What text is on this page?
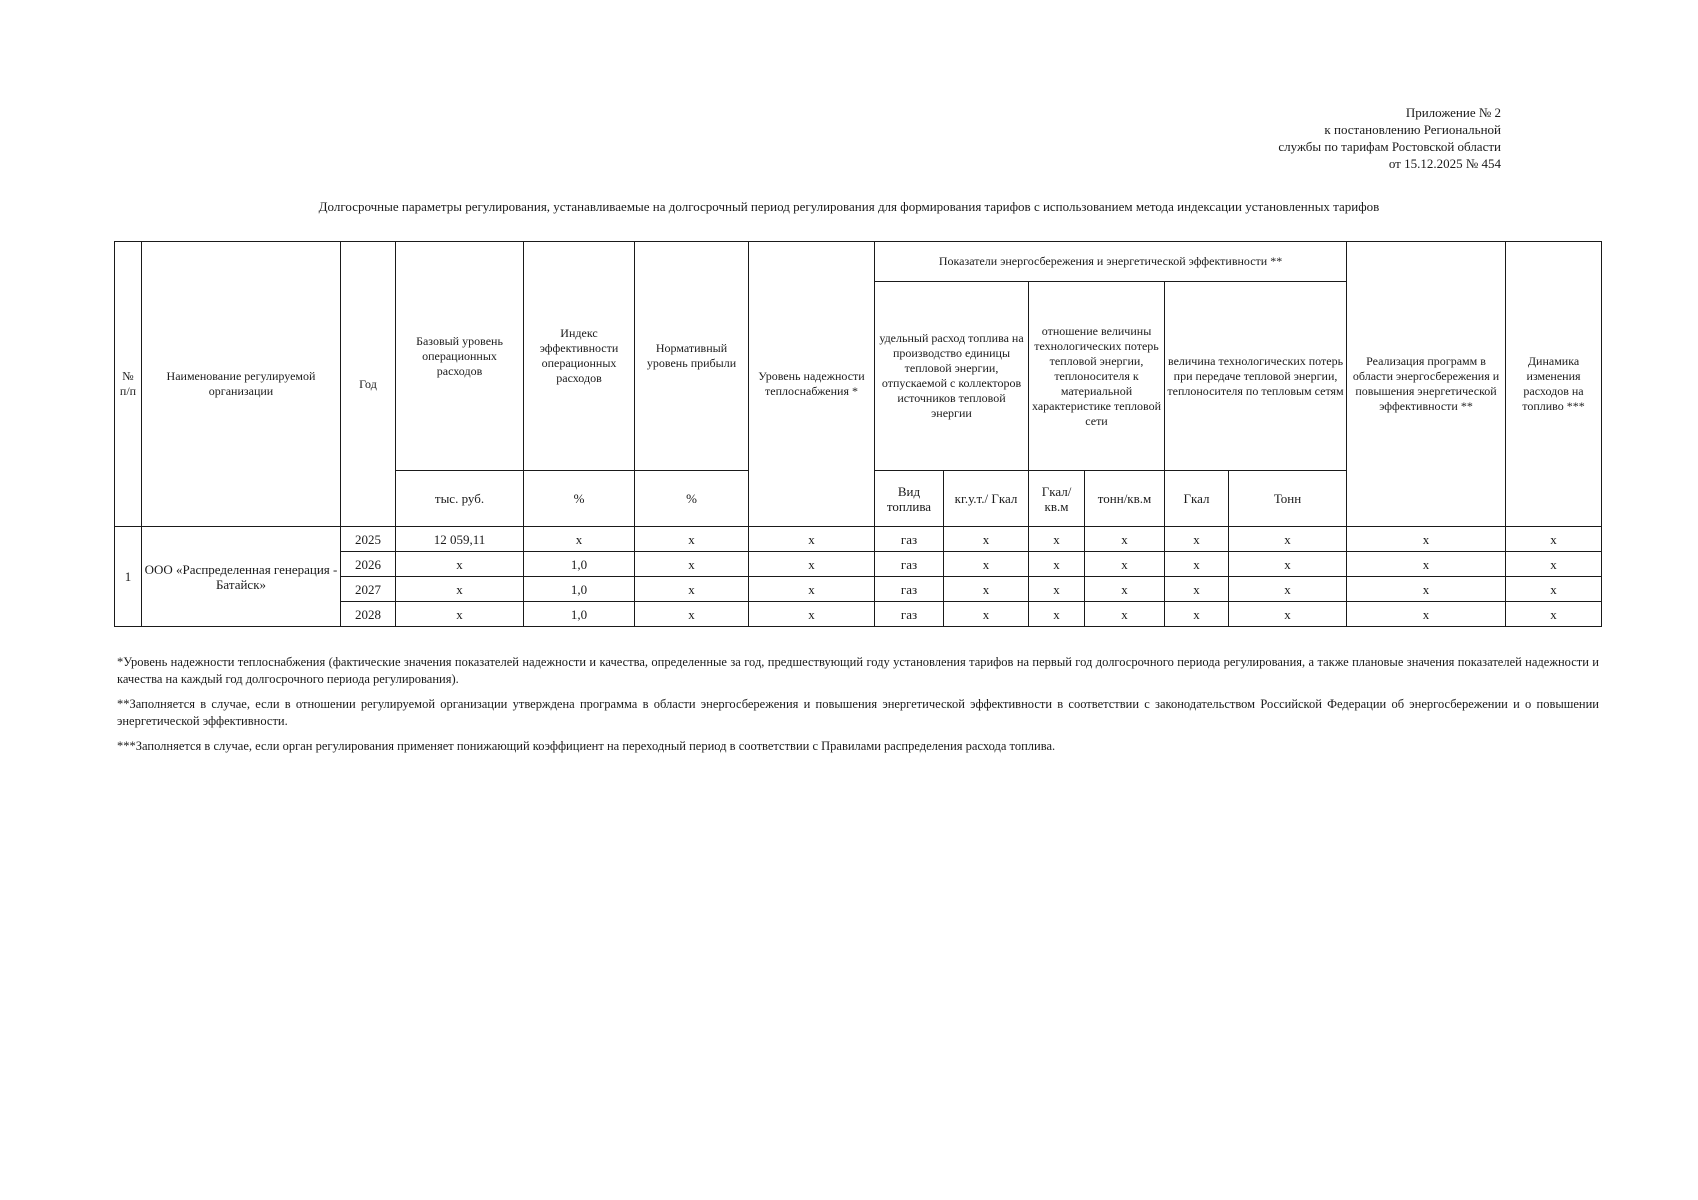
Приложение № 2
к постановлению Региональной
службы по тарифам Ростовской области
от 15.12.2025 № 454
Долгосрочные параметры регулирования, устанавливаемые на долгосрочный период регулирования для формирования тарифов с использованием метода индексации установленных тарифов
№ п/п	Наименование регулируемой организации	Год	Базовый уровень операционных расходов	Индекс эффективности операционных расходов	Нормативный уровень прибыли	Уровень надежности теплоснабжения *	Показатели энергосбережения и энергетической эффективности **						Реализация программ в области энергосбережения и повышения энергетической эффективности **	Динамика изменения расходов на топливо ***
							удельный расход топлива на производство единицы тепловой энергии, отпускаемой с коллекторов источников тепловой энергии		отношение величины технологических потерь тепловой энергии, теплоносителя к материальной характеристике тепловой сети		величина технологических потерь при передаче тепловой энергии, теплоносителя по тепловым сетям			
			тыс. руб.	%	%		Вид топлива	кг.у.т./ Гкал	Гкал/ кв.м	тонн/кв.м	Гкал	Тонн		
1	ООО «Распределенная генерация - Батайск»	2025	12 059,11	х	х	х	газ	х	х	х	х	х	х	х
		2026	х	1,0	х	х	газ	х	х	х	х	х	х	х
		2027	х	1,0	х	х	газ	х	х	х	х	х	х	х
		2028	х	1,0	х	х	газ	х	х	х	х	х	х	х

*Уровень надежности теплоснабжения (фактические значения показателей надежности и качества, определенные за год, предшествующий году установления тарифов на первый год долгосрочного периода регулирования, а также плановые значения показателей надежности и качества на каждый год долгосрочного периода регулирования).

**Заполняется в случае, если в отношении регулируемой организации утверждена программа в области энергосбережения и повышения энергетической эффективности в соответствии с законодательством Российской Федерации об энергосбережении и о повышении энергетической эффективности.

***Заполняется в случае, если орган регулирования применяет понижающий коэффициент на переходный период в соответствии с Правилами распределения расхода топлива.
